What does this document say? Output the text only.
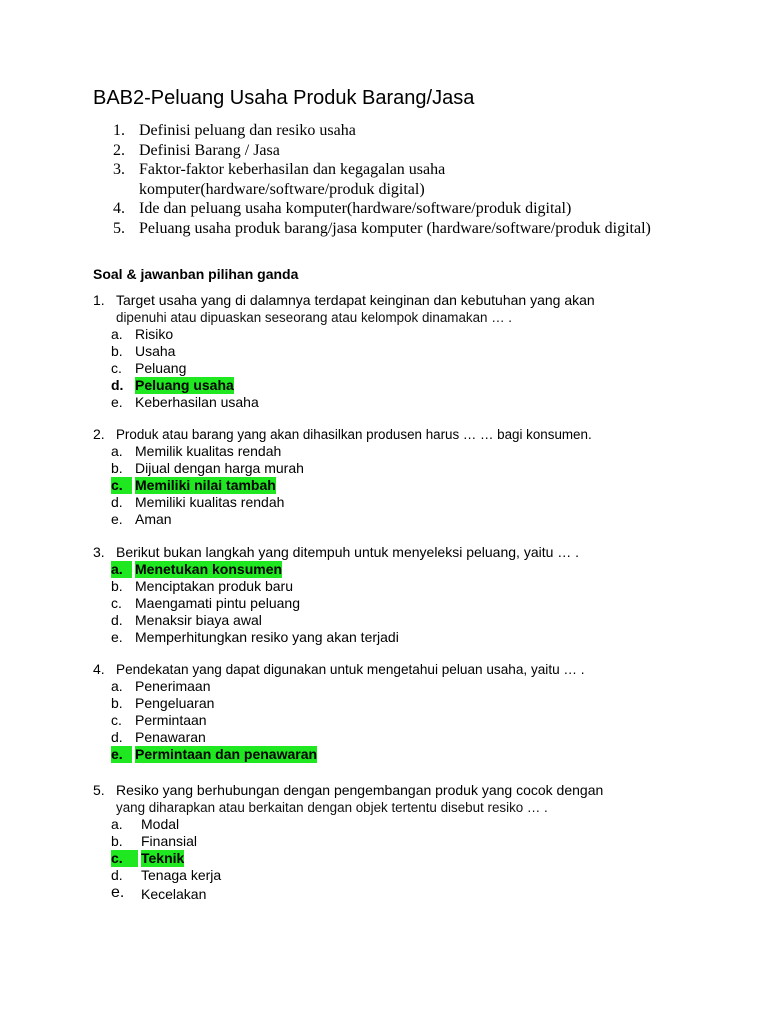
BAB2-Peluang Usaha Produk Barang/Jasa
1. Definisi peluang dan resiko usaha
2. Definisi Barang / Jasa
3. Faktor-faktor keberhasilan dan kegagalan usaha komputer(hardware/software/produk digital)
4. Ide dan peluang usaha komputer(hardware/software/produk digital)
5. Peluang usaha produk barang/jasa komputer (hardware/software/produk digital)
Soal & jawanban pilihan ganda
1. Target usaha yang di dalamnya terdapat keinginan dan kebutuhan yang akan
dipenuhi atau dipuaskan seseorang atau kelompok dinamakan … .
a. Risiko
b. Usaha
c. Peluang
d. Peluang usaha
e. Keberhasilan usaha
2. Produk atau barang yang akan dihasilkan produsen harus … … bagi konsumen.
a. Memilik kualitas rendah
b. Dijual dengan harga murah
c. Memiliki nilai tambah
d. Memiliki kualitas rendah
e. Aman
3. Berikut bukan langkah yang ditempuh untuk menyeleksi peluang, yaitu … .
a. Menetukan konsumen
b. Menciptakan produk baru
c. Maengamati pintu peluang
d. Menaksir biaya awal
e. Memperhitungkan resiko yang akan terjadi
4. Pendekatan yang dapat digunakan untuk mengetahui peluan usaha, yaitu … .
a. Penerimaan
b. Pengeluaran
c. Permintaan
d. Penawaran
e. Permintaan dan penawaran
5. Resiko yang berhubungan dengan pengembangan produk yang cocok dengan
yang diharapkan atau berkaitan dengan objek tertentu disebut resiko … .
a. Modal
b. Finansial
c.	Teknik
d. Tenaga kerja
e. Kecelakan
